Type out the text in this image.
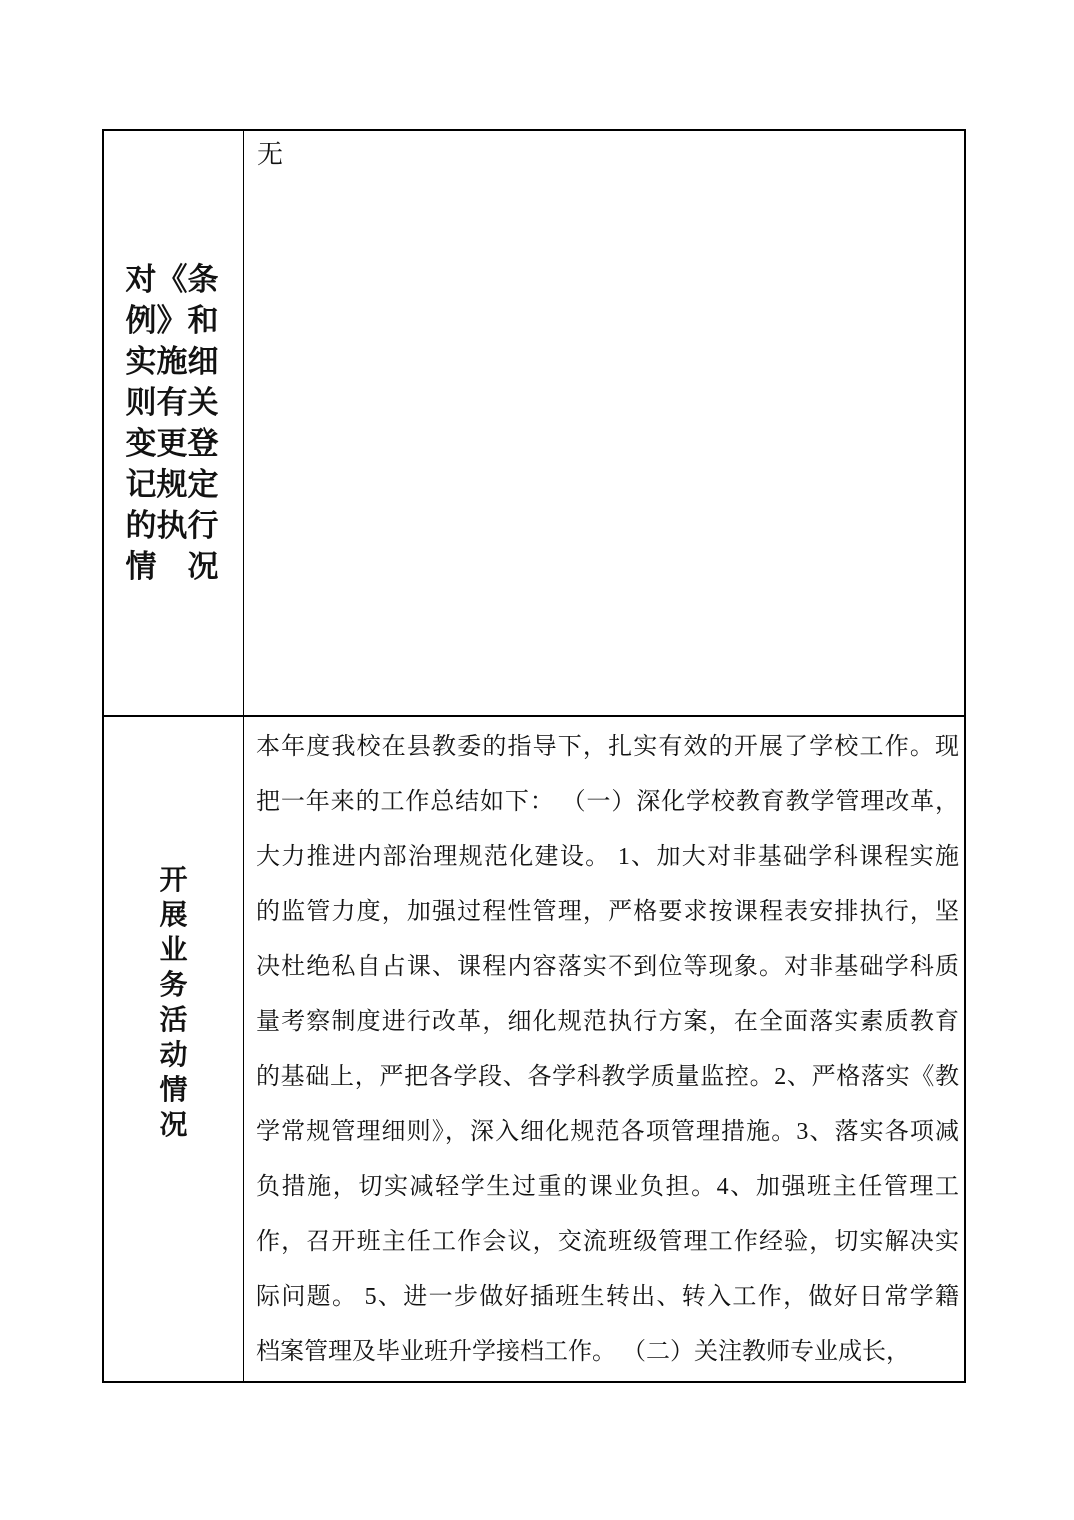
对《条
例》和
实施细
则有关
变更登
记规定
的执行
情　况
无
开
展
业
务
活
动
情
况
本年度我校在县教委的指导下，扎实有效的开展了学校工作。现
把一年来的工作总结如下： （一）深化学校教育教学管理改革，
大力推进内部治理规范化建设。 1、加大对非基础学科课程实施
的监管力度，加强过程性管理，严格要求按课程表安排执行，坚
决杜绝私自占课、课程内容落实不到位等现象。对非基础学科质
量考察制度进行改革，细化规范执行方案，在全面落实素质教育
的基础上，严把各学段、各学科教学质量监控。2、严格落实《教
学常规管理细则》，深入细化规范各项管理措施。3、落实各项减
负措施，切实减轻学生过重的课业负担。4、加强班主任管理工
作，召开班主任工作会议，交流班级管理工作经验，切实解决实
际问题。 5、进一步做好插班生转出、转入工作，做好日常学籍
档案管理及毕业班升学接档工作。 （二）关注教师专业成长，
